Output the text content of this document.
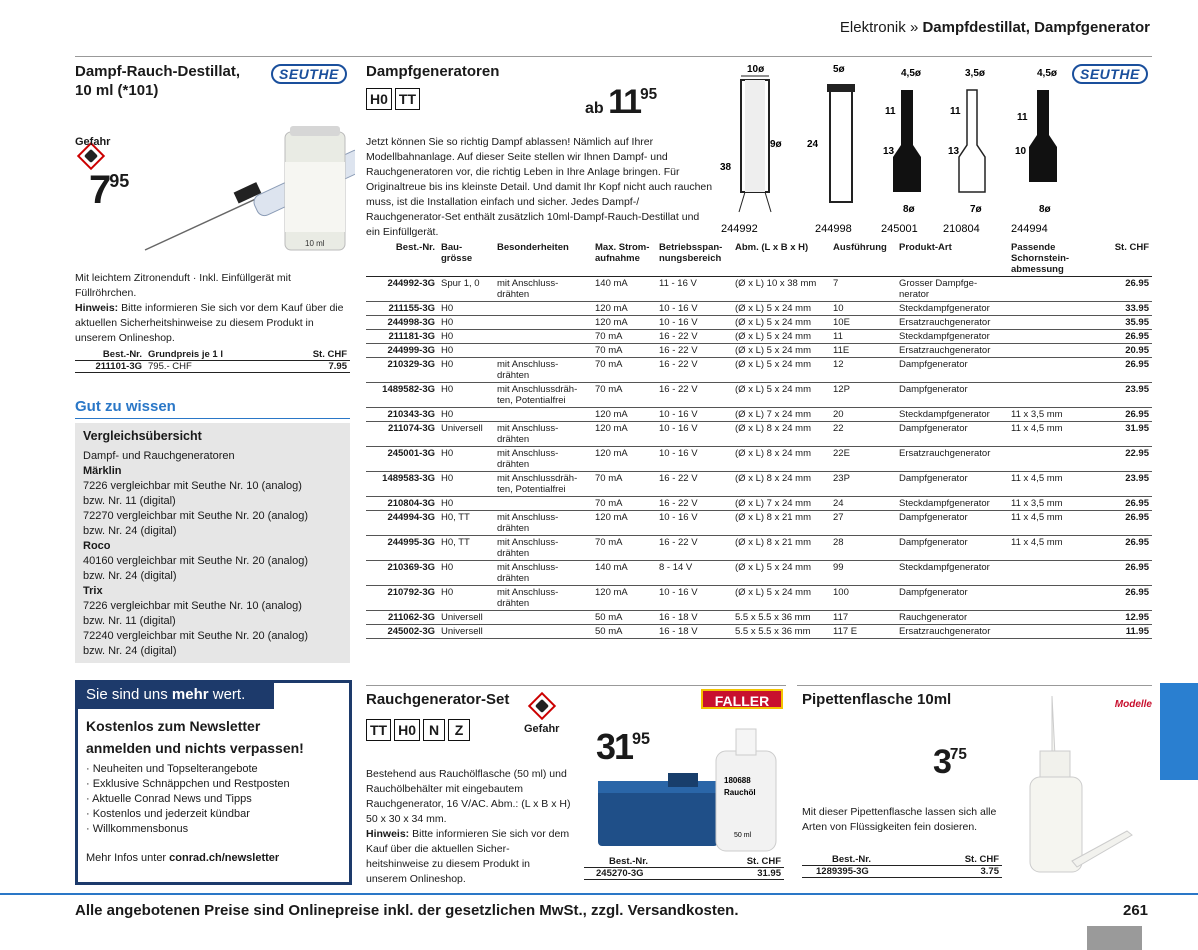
Elektronik » Dampfdestillat, Dampfgenerator
Dampf-Rauch-Destillat,
10 ml (*101)
SEUTHE
Gefahr
$7^{95}$
10 ml
Mit leichtem Zitronenduft · Inkl. Einfüllgerät mit Füllröhrchen.
Hinweis: Bitte informieren Sie sich vor dem Kauf über die aktuellen Sicherheitshinweise zu diesem Produkt in unserem Onlineshop.
Best.-Nr.	Grundpreis je 1 l	St. CHF
211101-3G	795.- CHF	7.95
Gut zu wissen
Vergleichsübersicht
Dampf- und Rauchgeneratoren
Märklin
7226 vergleichbar mit Seuthe Nr. 10 (analog)
bzw. Nr. 11 (digital)
72270 vergleichbar mit Seuthe Nr. 20 (analog)
bzw. Nr. 24 (digital)
Roco
40160 vergleichbar mit Seuthe Nr. 20 (analog)
bzw. Nr. 24 (digital)
Trix
7226 vergleichbar mit Seuthe Nr. 10 (analog)
bzw. Nr. 11 (digital)
72240 vergleichbar mit Seuthe Nr. 20 (analog)
bzw. Nr. 24 (digital)
Sie sind uns mehr wert.
Kostenlos zum Newsletter
anmelden und nichts verpassen!
· Neuheiten und Topselterangebote
· Exklusive Schnäppchen und Restposten
· Aktuelle Conrad News und Tipps
· Kostenlos und jederzeit kündbar
· Willkommensbonus
Mehr Infos unter conrad.ch/newsletter
Dampfgeneratoren
H0 TT
ab $11^{95}$
Jetzt können Sie so richtig Dampf ablassen! Nämlich auf Ihrer Modellbahnanlage. Auf dieser Seite stellen wir Ihnen Dampf- und Rauchgeneratoren vor, die richtig Leben in Ihre Anlage bringen. Für Originaltreue bis ins kleinste Detail. Und damit Ihr Kopf nicht auch rauchen muss, ist die Installation einfach und sicher. Jedes Dampf-/ Rauchgenerator-Set enthält zusätzlich 10ml-Dampf-Rauch-Destillat und ein Einfüllgerät.
SEUTHE
10ø
38
9ø
5ø
24
4,5ø
11
13
8ø
3,5ø
11
13
7ø
4,5ø
11
10
8ø
244992	244998	245001 210804	244994
Best.-Nr.	Bau-grösse	Besonderheiten	Max. Strom-aufnahme	Betriebsspan-nungsbereich	Abm. (L x B x H)	Ausführung	Produkt-Art	Passende Schornstein-abmessung	St. CHF
244992-3G	Spur 1, 0	mit Anschluss-drähten	140 mA	11 - 16 V	(Ø x L) 10 x 38 mm	7	Grosser Dampfge-nerator		26.95
211155-3G	H0		120 mA	10 - 16 V	(Ø x L) 5 x 24 mm	10	Steckdampfgenerator		33.95
244998-3G	H0		120 mA	10 - 16 V	(Ø x L) 5 x 24 mm	10E	Ersatzrauchgenerator		35.95
211181-3G	H0		70 mA	16 - 22 V	(Ø x L) 5 x 24 mm	11	Steckdampfgenerator		26.95
244999-3G	H0		70 mA	16 - 22 V	(Ø x L) 5 x 24 mm	11E	Ersatzrauchgenerator		20.95
210329-3G	H0	mit Anschluss-drähten	70 mA	16 - 22 V	(Ø x L) 5 x 24 mm	12	Dampfgenerator		26.95
1489582-3G	H0	mit Anschlussdräh-ten, Potentialfrei	70 mA	16 - 22 V	(Ø x L) 5 x 24 mm	12P	Dampfgenerator		23.95
210343-3G	H0		120 mA	10 - 16 V	(Ø x L) 7 x 24 mm	20	Steckdampfgenerator	11 x 3,5 mm	26.95
211074-3G	Universell	mit Anschluss-drähten	120 mA	10 - 16 V	(Ø x L) 8 x 24 mm	22	Dampfgenerator	11 x 4,5 mm	31.95
245001-3G	H0	mit Anschluss-drähten	120 mA	10 - 16 V	(Ø x L) 8 x 24 mm	22E	Ersatzrauchgenerator		22.95
1489583-3G	H0	mit Anschlussdräh-ten, Potentialfrei	70 mA	16 - 22 V	(Ø x L) 8 x 24 mm	23P	Dampfgenerator	11 x 4,5 mm	23.95
210804-3G	H0		70 mA	16 - 22 V	(Ø x L) 7 x 24 mm	24	Steckdampfgenerator	11 x 3,5 mm	26.95
244994-3G	H0, TT	mit Anschluss-drähten	120 mA	10 - 16 V	(Ø x L) 8 x 21 mm	27	Dampfgenerator	11 x 4,5 mm	26.95
244995-3G	H0, TT	mit Anschluss-drähten	70 mA	16 - 22 V	(Ø x L) 8 x 21 mm	28	Dampfgenerator	11 x 4,5 mm	26.95
210369-3G	H0	mit Anschluss-drähten	140 mA	8 - 14 V	(Ø x L) 5 x 24 mm	99	Steckdampfgenerator		26.95
210792-3G	H0	mit Anschluss-drähten	120 mA	10 - 16 V	(Ø x L) 5 x 24 mm	100	Dampfgenerator		26.95
211062-3G	Universell		50 mA	16 - 18 V	5.5 x 5.5 x 36 mm	117	Rauchgenerator		12.95
245002-3G	Universell		50 mA	16 - 18 V	5.5 x 5.5 x 36 mm	117 E	Ersatzrauchgenerator		11.95
Rauchgenerator-Set
Gefahr
TT H0 N Z
FALLER
$31^{95}$
180688
Rauchöl
50 ml
Bestehend aus Rauchölflasche (50 ml) und Rauchölbehälter mit eingebautem Rauchgenerator, 16 V/AC. Abm.: (L x B x H) 50 x 30 x 34 mm.
Hinweis: Bitte informieren Sie sich vor dem Kauf über die aktuellen Sicher-heitshinweise zu diesem Produkt in unserem Onlineshop.
Best.-Nr.	St. CHF
245270-3G	31.95
Pipettenflasche 10ml	Modelle
$3^{75}$
Mit dieser Pipettenflasche lassen sich alle Arten von Flüssigkeiten fein dosieren.
Best.-Nr.	St. CHF
1289395-3G	3.75
Alle angebotenen Preise sind Onlinepreise inkl. der gesetzlichen MwSt., zzgl. Versandkosten.	261
